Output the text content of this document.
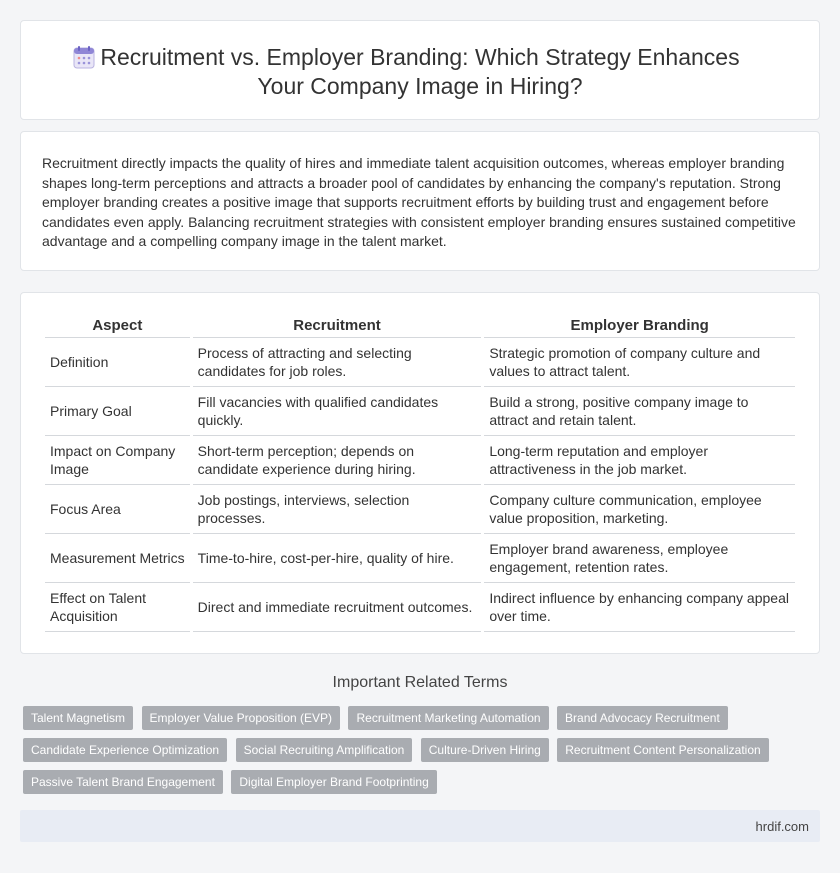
Recruitment vs. Employer Branding: Which Strategy Enhances Your Company Image in Hiring?

Recruitment directly impacts the quality of hires and immediate talent acquisition outcomes, whereas employer branding shapes long-term perceptions and attracts a broader pool of candidates by enhancing the company's reputation. Strong employer branding creates a positive image that supports recruitment efforts by building trust and engagement before candidates even apply. Balancing recruitment strategies with consistent employer branding ensures sustained competitive advantage and a compelling company image in the talent market.

Aspect	Recruitment	Employer Branding
Definition	Process of attracting and selecting candidates for job roles.	Strategic promotion of company culture and values to attract talent.
Primary Goal	Fill vacancies with qualified candidates quickly.	Build a strong, positive company image to attract and retain talent.
Impact on Company Image	Short-term perception; depends on candidate experience during hiring.	Long-term reputation and employer attractiveness in the job market.
Focus Area	Job postings, interviews, selection processes.	Company culture communication, employee value proposition, marketing.
Measurement Metrics	Time-to-hire, cost-per-hire, quality of hire.	Employer brand awareness, employee engagement, retention rates.
Effect on Talent Acquisition	Direct and immediate recruitment outcomes.	Indirect influence by enhancing company appeal over time.
Important Related Terms
Talent Magnetism Employer Value Proposition (EVP) Recruitment Marketing Automation Brand Advocacy Recruitment Candidate Experience Optimization Social Recruiting Amplification Culture-Driven Hiring Recruitment Content Personalization Passive Talent Brand Engagement Digital Employer Brand Footprinting
hrdif.com
